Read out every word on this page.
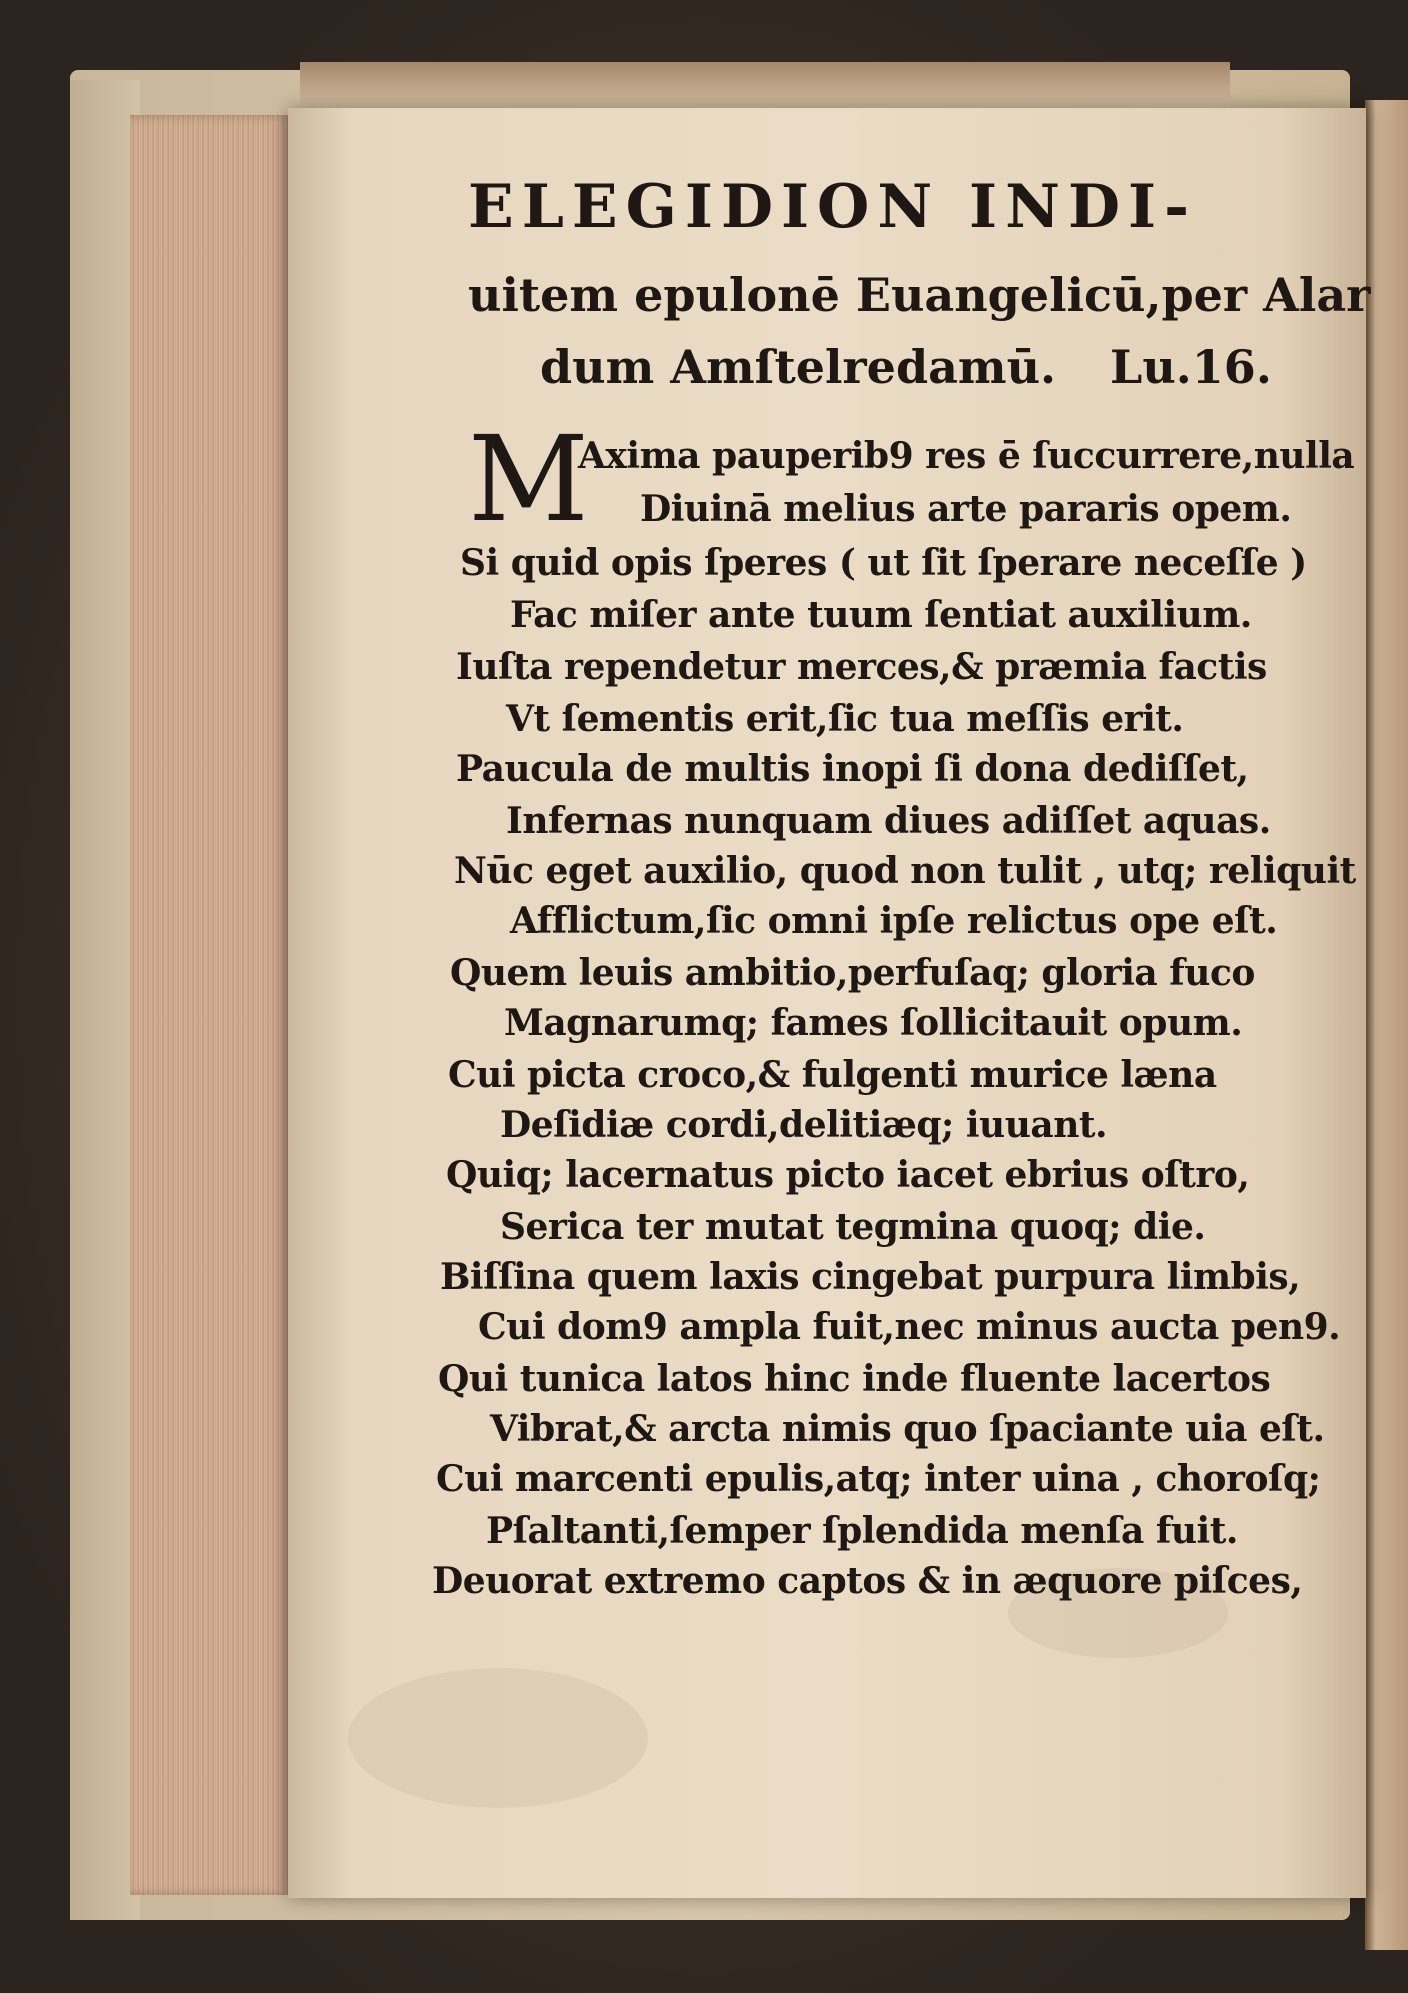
ELEGIDION INDI-
uitem epulonē Euangelicū,per Alar
dum Amſtelredamū. Lu.16.
M
Axima pauperib9 res ē ſuccurrere,nulla
Diuinā melius arte pararis opem.
Si quid opis ſperes ( ut ſit ſperare neceſſe )
Fac miſer ante tuum ſentiat auxilium.
Iuſta rependetur merces,& præmia factis
Vt ſementis erit,ſic tua meſſis erit.
Paucula de multis inopi ſi dona dediſſet,
Infernas nunquam diues adiſſet aquas.
Nūc eget auxilio, quod non tulit , utq; reliquit
Afflictum,ſic omni ipſe relictus ope eſt.
Quem leuis ambitio,perfuſaq; gloria fuco
Magnarumq; fames ſollicitauit opum.
Cui picta croco,& fulgenti murice læna
Deſidiæ cordi,delitiæq; iuuant.
Quiq; lacernatus picto iacet ebrius oſtro,
Serica ter mutat tegmina quoq; die.
Biſſina quem laxis cingebat purpura limbis,
Cui dom9 ampla fuit,nec minus aucta pen9.
Qui tunica latos hinc inde fluente lacertos
Vibrat,& arcta nimis quo ſpaciante uia eſt.
Cui marcenti epulis,atq; inter uina , choroſq;
Pſaltanti,ſemper ſplendida menſa fuit.
Deuorat extremo captos & in æquore piſces,
